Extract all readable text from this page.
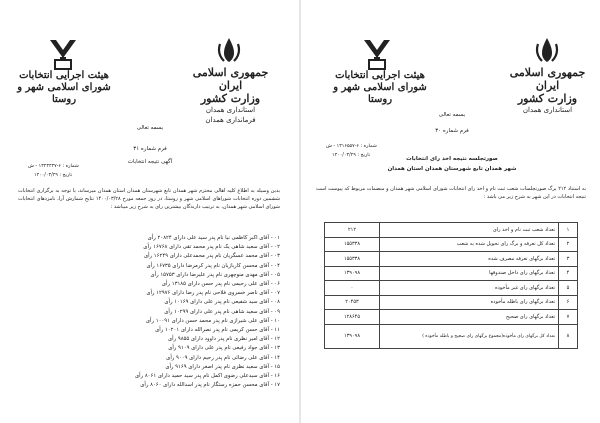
هیئت اجرایی انتخابات
شورای اسلامی شهر و روستا
جمهوری اسلامی ایران
وزارت کشور
استانداری همدان
فرمانداری همدان
بسمه تعالی
فرم شماره ۳۱
آگهی نتیجه انتخابات
شماره : ۶-۱۳۲۳۴۳۷ - ش
تاریخ : ۱۴۰۰/۰۳/۲۹
بدین وسیله به اطلاع کلیه اهالی محترم شهر همدان تابع شهرستان همدان استان همدان میرساند، با توجه به برگزاری انتخابات ششمین دوره انتخابات شوراهای اسلامی شهر و روستا، در روز جمعه مورخ ۱۴۰۰/۰۳/۲۸ نتایج شمارش آرا، نامزدهای انتخابات شورای اسلامی شهر همدان، به ترتیب دارندگان بیشترین رای به شرح زیر میباشد :
۰۱ - آقای اکبر کاظمی نیا نام پدر سید علی دارای ۲۰۸۲۴ رأی
۰۲ - آقای سعید شاهی یک نام پدر محمد تقی دارای ۱۶۷۶۸ رأی
۰۳ - آقای محمد عسگریان نام پدر محمدعلی دارای ۱۶۲۴۹ رأی
۰۴ - آقای محسن کاربازیان نام پدر کرمرضا دارای ۱۶۷۳۵ رأی
۰۵ - آقای مهدی منوچهری نام پدر علیرضا دارای ۱۵۷۵۳ رأی
۰۶ - آقای علی رحیمی نام پدر حسن دارای ۱۳۱۸۵ رأی
۰۷ - آقای ناصر خسروی فلاحی نام پدر رضا دارای ۱۲۹۷۶ رأی
۰۸ - آقای سید شفیعی نام پدر علی دارای ۱۰۱۶۹ رأی
۰۹ - آقای سعید شاهی نام پدر علی دارای ۱۰۲۹۹ رأی
۱۰ - آقای علی شیرازی نام پدر محمد حسن دارای ۱۰۰۹۱ رأی
۱۱ - آقای حسن کریمی نام پدر نصرالله دارای ۱۰۲۰۱ رأی
۱۲ - آقای امیر نظری نام پدر داوود دارای ۹۸۵۵ رأی
۱۳ - آقای جواد رفیعی نام پدر علی دارای ۹۱۰۹ رأی
۱۴ - آقای علی رضائی نام پدر رحیم دارای ۹۰۰۹ رأی
۱۵ - آقای سعید نظری نام پدر اصغر دارای ۹۱۶۹ رأی
۱۶ - آقای سیدعلی رضوی اکمل نام پدر سید حمید دارای ۸۰۶۱ رأی
۱۷ - آقای محسن حمزه رستگار نام پدر اسدالله دارای ۸۰۶۰ رأی
هیئت اجرایی انتخابات
شورای اسلامی شهر و روستا
جمهوری اسلامی ایران
وزارت کشور
استانداری همدان
بسمه تعالی
فرم شماره ۳۰
شماره : ۶-۱۳۱۶۵۵۷ - ش
تاریخ : ۱۴۰۰/۰۳/۲۹
صورتجلسه نتیجه اخذ رای انتخابات
شهر همدان تابع شهرستان همدان استان همدان
به استناد ۲۱۲ برگ صورتجلسات شعب ثبت نام و اخذ رای انتخابات شورای اسلامی شهر همدان و منضمات مربوط که پیوست است نتیجه انتخابات در این شهر به شرح زیر می باشد :
۱	تعداد شعب ثبت نام و اخذ رای	۲۱۲
۲	تعداد کل تعرفه و برگ رای تحویل شده به شعب	۱۵۵۳۳۸
۳	تعداد برگهای تعرفه مصرف شده	۱۵۵۳۳۸
۴	تعداد برگهای رای داخل صندوقها	۱۳۹۰۹۸
۵	تعداد برگهای رای غیر مأخوذه	۰
۶	تعداد برگهای رای باطله مأخوذه	۲۰۴۵۳
۷	تعداد برگهای رای صحیح	۱۲۸۶۴۵
۸	تعداد کل برگهای رای مأخوذه(مجموع برگهای رای صحیح و باطله مأخوذه )	۱۳۹۰۹۸
